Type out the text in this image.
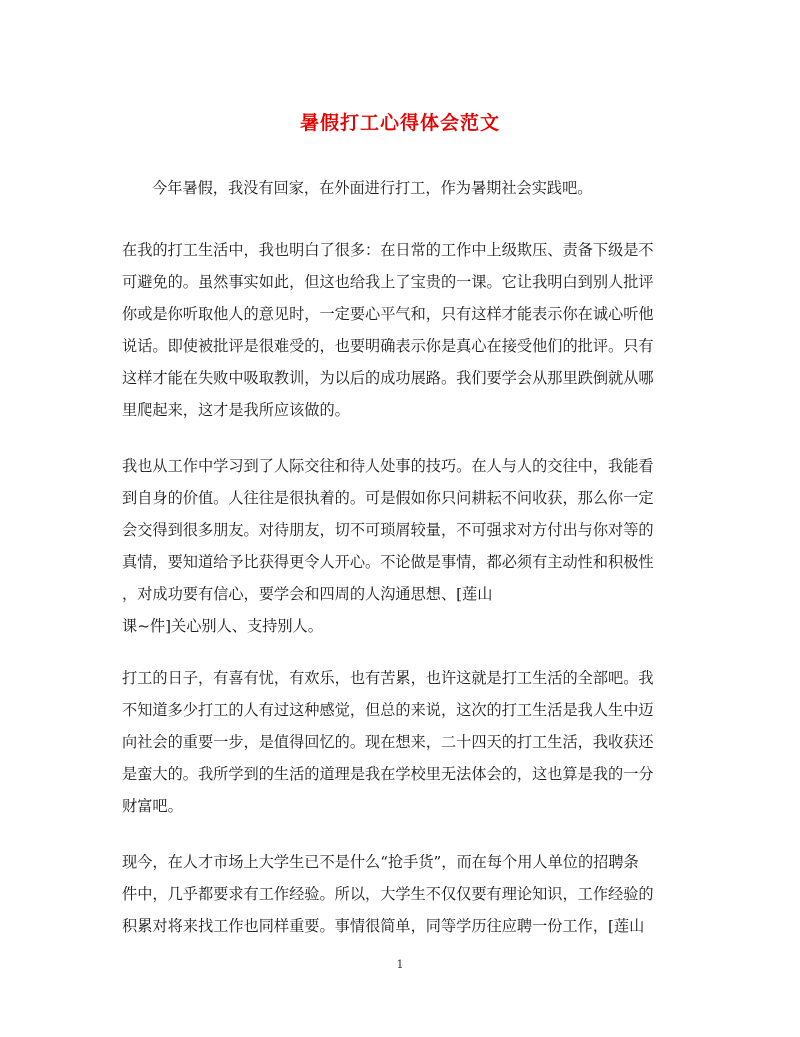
暑假打工心得体会范文
今年暑假，我没有回家，在外面进行打工，作为暑期社会实践吧。
在我的打工生活中，我也明白了很多：在日常的工作中上级欺压、责备下级是不
可避免的。虽然事实如此，但这也给我上了宝贵的一课。它让我明白到别人批评
你或是你听取他人的意见时，一定要心平气和，只有这样才能表示你在诚心听他
说话。即使被批评是很难受的，也要明确表示你是真心在接受他们的批评。只有
这样才能在失败中吸取教训，为以后的成功展路。我们要学会从那里跌倒就从哪
里爬起来，这才是我所应该做的。
我也从工作中学习到了人际交往和待人处事的技巧。在人与人的交往中，我能看
到自身的价值。人往往是很执着的。可是假如你只问耕耘不问收获，那么你一定
会交得到很多朋友。对待朋友，切不可琐屑较量，不可强求对方付出与你对等的
真情，要知道给予比获得更令人开心。不论做是事情，都必须有主动性和积极性
，对成功要有信心，要学会和四周的人沟通思想、[莲山
课~件]关心别人、支持别人。
打工的日子，有喜有忧，有欢乐，也有苦累，也许这就是打工生活的全部吧。我
不知道多少打工的人有过这种感觉，但总的来说，这次的打工生活是我人生中迈
向社会的重要一步，是值得回忆的。现在想来，二十四天的打工生活，我收获还
是蛮大的。我所学到的生活的道理是我在学校里无法体会的，这也算是我的一分
财富吧。
现今，在人才市场上大学生已不是什么“抢手货”，而在每个用人单位的招聘条
件中，几乎都要求有工作经验。所以，大学生不仅仅要有理论知识，工作经验的
积累对将来找工作也同样重要。事情很简单，同等学历往应聘一份工作，[莲山
1
